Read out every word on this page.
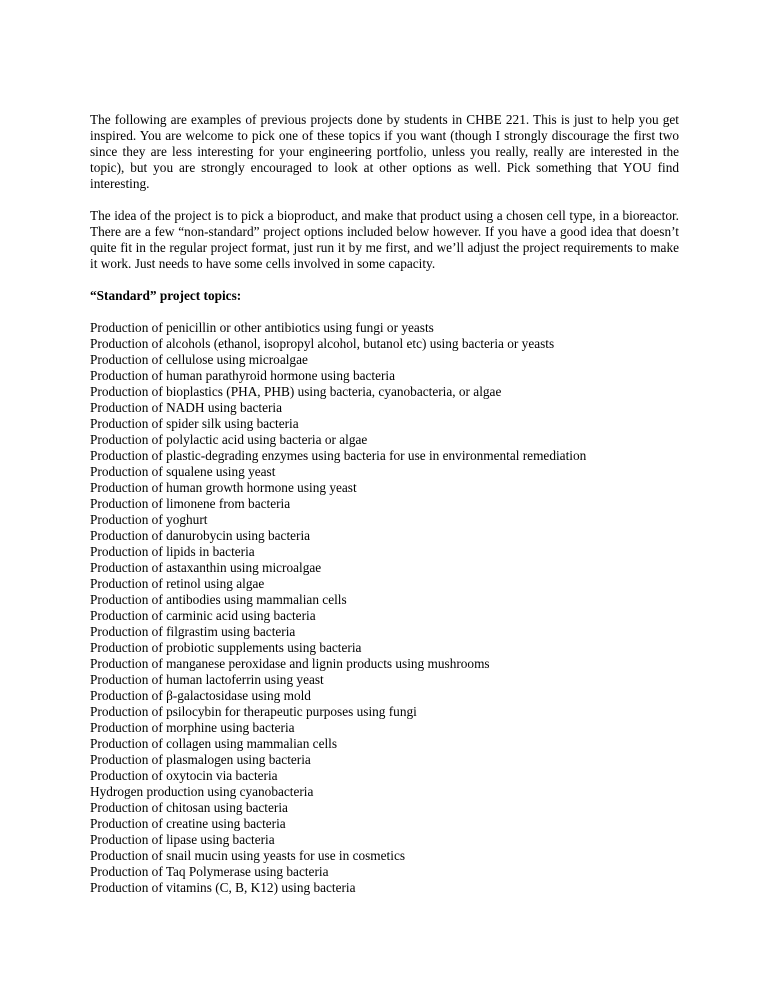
The following are examples of previous projects done by students in CHBE 221. This is just to help you get inspired. You are welcome to pick one of these topics if you want (though I strongly discourage the first two since they are less interesting for your engineering portfolio, unless you really, really are interested in the topic), but you are strongly encouraged to look at other options as well. Pick something that YOU find interesting.

The idea of the project is to pick a bioproduct, and make that product using a chosen cell type, in a bioreactor. There are a few “non-standard” project options included below however. If you have a good idea that doesn’t quite fit in the regular project format, just run it by me first, and we’ll adjust the project requirements to make it work. Just needs to have some cells involved in some capacity.

“Standard” project topics:

Production of penicillin or other antibiotics using fungi or yeasts
Production of alcohols (ethanol, isopropyl alcohol, butanol etc) using bacteria or yeasts
Production of cellulose using microalgae
Production of human parathyroid hormone using bacteria
Production of bioplastics (PHA, PHB) using bacteria, cyanobacteria, or algae
Production of NADH using bacteria
Production of spider silk using bacteria
Production of polylactic acid using bacteria or algae
Production of plastic-degrading enzymes using bacteria for use in environmental remediation
Production of squalene using yeast
Production of human growth hormone using yeast
Production of limonene from bacteria
Production of yoghurt
Production of danurobycin using bacteria
Production of lipids in bacteria
Production of astaxanthin using microalgae
Production of retinol using algae
Production of antibodies using mammalian cells
Production of carminic acid using bacteria
Production of filgrastim using bacteria
Production of probiotic supplements using bacteria
Production of manganese peroxidase and lignin products using mushrooms
Production of human lactoferrin using yeast
Production of β-galactosidase using mold
Production of psilocybin for therapeutic purposes using fungi
Production of morphine using bacteria
Production of collagen using mammalian cells
Production of plasmalogen using bacteria
Production of oxytocin via bacteria
Hydrogen production using cyanobacteria
Production of chitosan using bacteria
Production of creatine using bacteria
Production of lipase using bacteria
Production of snail mucin using yeasts for use in cosmetics
Production of Taq Polymerase using bacteria
Production of vitamins (C, B, K12) using bacteria
